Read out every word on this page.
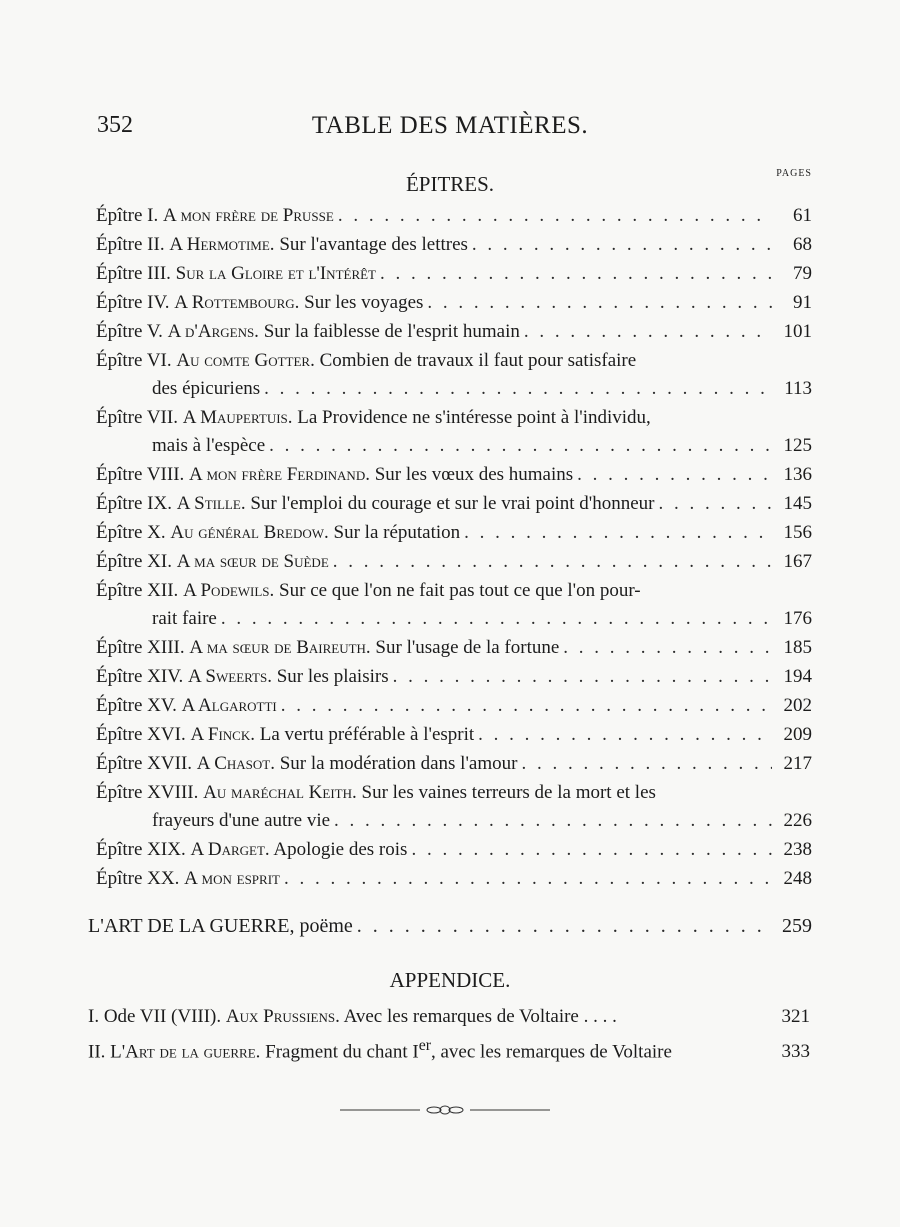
352	TABLE DES MATIÈRES.
PAGES
ÉPITRES.
Épître I. A mon frère de Prusse . . .	61
Épître II. A Hermotime. Sur l'avantage des lettres . . .	68
Épître III. Sur la Gloire et l'Intérêt . . .	79
Épître IV. A Rottembourg. Sur les voyages . . .	91
Épître V. A d'Argens. Sur la faiblesse de l'esprit humain . . .	101
Épître VI. Au comte Gotter. Combien de travaux il faut pour satisfaire
des épicuriens . . .	113
Épître VII. A Maupertuis. La Providence ne s'intéresse point à l'individu,
mais à l'espèce . . .	125
Épître VIII. A mon frère Ferdinand. Sur les vœux des humains . . .	136
Épître IX. A Stille. Sur l'emploi du courage et sur le vrai point d'honneur . . .	145
Épître X. Au général Bredow. Sur la réputation . . .	156
Épître XI. A ma sœur de Suède . . .	167
Épître XII. A Podewils. Sur ce que l'on ne fait pas tout ce que l'on pour-
rait faire . . .	176
Épître XIII. A ma sœur de Baireuth. Sur l'usage de la fortune . . .	185
Épître XIV. A Sweerts. Sur les plaisirs . . .	194
Épître XV. A Algarotti . . .	202
Épître XVI. A Finck. La vertu préférable à l'esprit . . .	209
Épître XVII. A Chasot. Sur la modération dans l'amour . . .	217
Épître XVIII. Au maréchal Keith. Sur les vaines terreurs de la mort et les
frayeurs d'une autre vie . . .	226
Épître XIX. A Darget. Apologie des rois . . .	238
Épître XX. A mon esprit . . .	248
L'ART DE LA GUERRE, poëme . . .	259
APPENDICE.
I. Ode VII (VIII). Aux Prussiens. Avec les remarques de Voltaire . . . .	321
II. L'Art de la guerre. Fragment du chant Ier, avec les remarques de Voltaire	333
